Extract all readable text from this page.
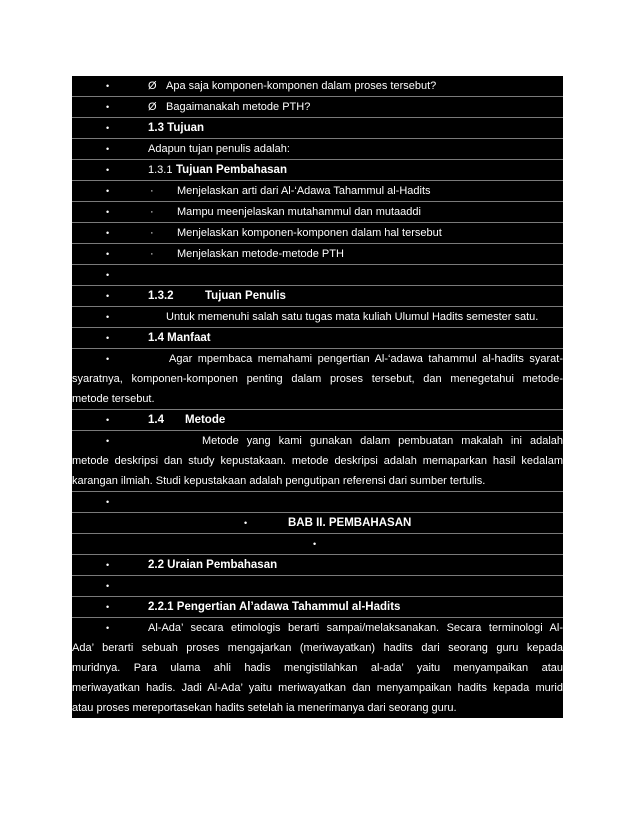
•	Ø Apa saja komponen-komponen dalam proses tersebut?
•	Ø Bagaimanakah metode PTH?
•	1.3 Tujuan
•	Adapun tujan penulis adalah:
•	1.3.1 Tujuan Pembahasan
•	· Menjelaskan arti dari Al-‘Adawa Tahammul al-Hadits
•	· Mampu meenjelaskan mutahammul dan mutaaddi
•	· Menjelaskan komponen-komponen dalam hal tersebut
•	· Menjelaskan metode-metode PTH
•
•	1.3.2	Tujuan Penulis
•	Untuk memenuhi salah satu tugas mata kuliah Ulumul Hadits semester satu.
•	1.4 Manfaat
•	Agar mpembaca memahami pengertian Al-‘adawa tahammul al-hadits syarat-
syaratnya, komponen-komponen penting dalam proses tersebut, dan menegetahui metode-
metode tersebut.
•	1.4 Metode
•	Metode yang kami gunakan dalam pembuatan makalah ini adalah
metode deskripsi dan study kepustakaan. metode deskripsi adalah memaparkan hasil kedalam
karangan ilmiah. Studi kepustakaan adalah pengutipan referensi dari sumber tertulis.
•
•	BAB II. PEMBAHASAN
•
•	2.2 Uraian Pembahasan
•
•	2.2.1 Pengertian Al’adawa Tahammul al-Hadits
•	Al-Ada’ secara etimologis berarti sampai/melaksanakan. Secara terminologi Al-
Ada’ berarti sebuah proses mengajarkan (meriwayatkan) hadits dari seorang guru kepada
muridnya. Para ulama ahli hadis mengistilahkan al-ada’ yaitu menyampaikan atau
meriwayatkan hadis. Jadi Al-Ada’ yaitu meriwayatkan dan menyampaikan hadits kepada murid
atau proses mereportasekan hadits setelah ia menerimanya dari seorang guru.
